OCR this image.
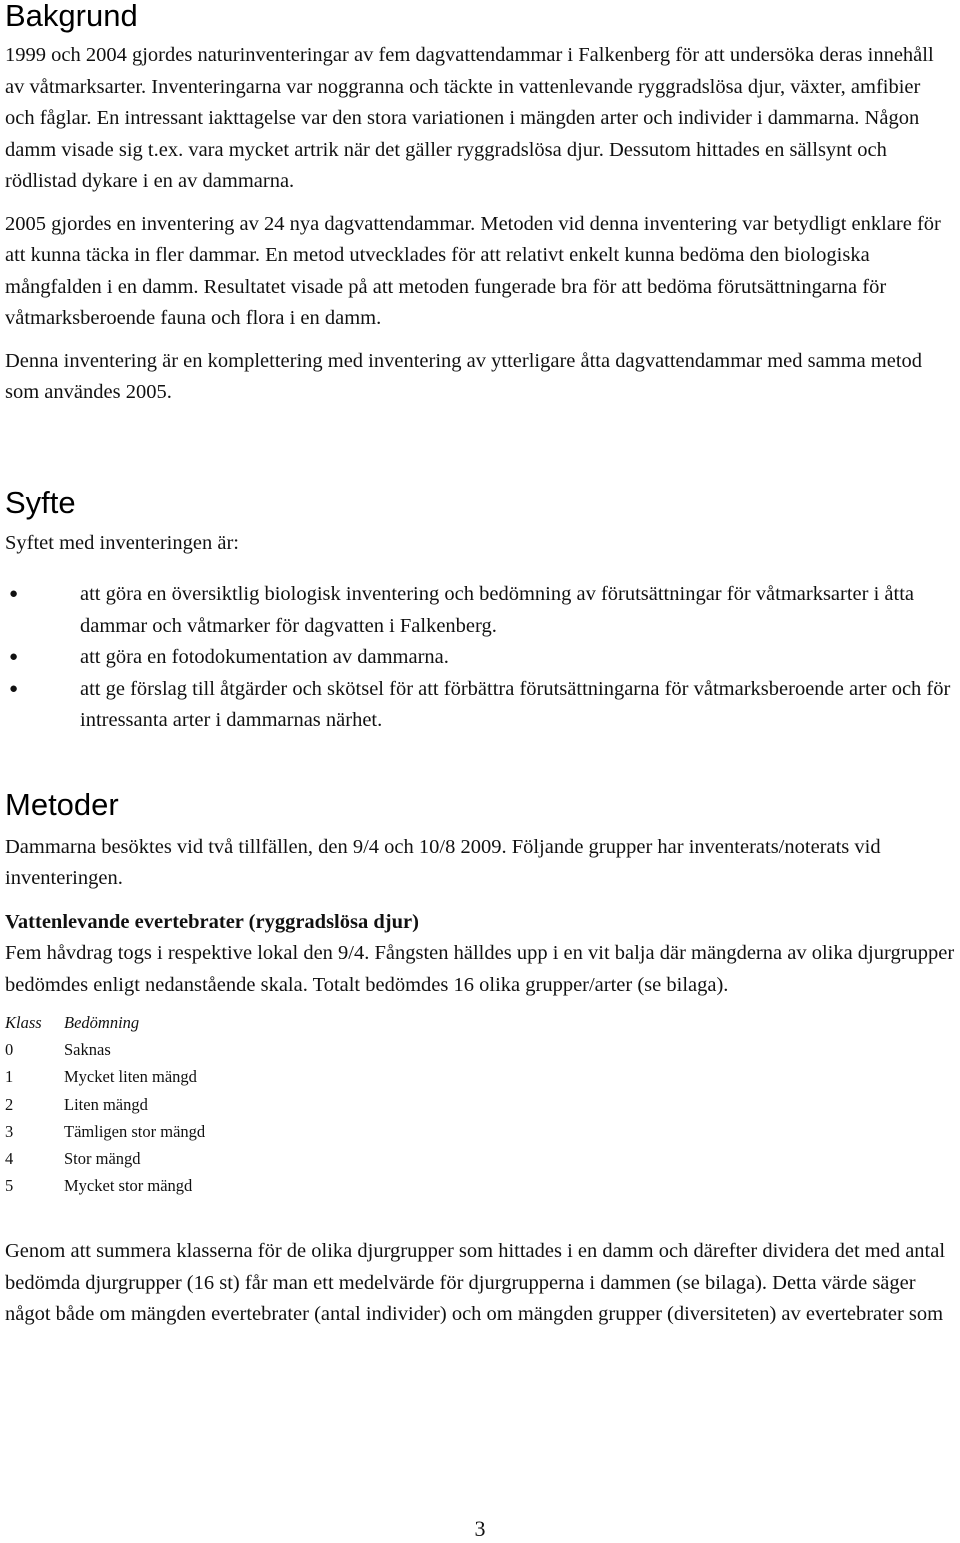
Bakgrund

1999 och 2004 gjordes naturinventeringar av fem dagvattendammar i Falkenberg för att undersöka deras innehåll av våtmarksarter. Inventeringarna var noggranna och täckte in vattenlevande ryggradslösa djur, växter, amfibier och fåglar. En intressant iakttagelse var den stora variationen i mängden arter och individer i dammarna. Någon damm visade sig t.ex. vara mycket artrik när det gäller ryggradslösa djur. Dessutom hittades en sällsynt och rödlistad dykare i en av dammarna.

2005 gjordes en inventering av 24 nya dagvattendammar. Metoden vid denna inventering var betydligt enklare för att kunna täcka in fler dammar. En metod utvecklades för att relativt enkelt kunna bedöma den biologiska mångfalden i en damm. Resultatet visade på att metoden fungerade bra för att bedöma förutsättningarna för våtmarksberoende fauna och flora i en damm.

Denna inventering är en komplettering med inventering av ytterligare åtta dagvattendammar med samma metod som användes 2005.

Syfte

Syftet med inventeringen är:

●	att göra en översiktlig biologisk inventering och bedömning av förutsättningar för våtmarksarter i åtta dammar och våtmarker för dagvatten i Falkenberg.
●	att göra en fotodokumentation av dammarna.
●	att ge förslag till åtgärder och skötsel för att förbättra förutsättningarna för våtmarksberoende arter och för intressanta arter i dammarnas närhet.
Metoder

Dammarna besöktes vid två tillfällen, den 9/4 och 10/8 2009. Följande grupper har inventerats/noterats vid inventeringen.

Vattenlevande evertebrater (ryggradslösa djur)

Fem håvdrag togs i respektive lokal den 9/4. Fångsten hälldes upp i en vit balja där mängderna av olika djurgrupper bedömdes enligt nedanstående skala. Totalt bedömdes 16 olika grupper/arter (se bilaga).

Klass	Bedömning
0	Saknas
1	Mycket liten mängd
2	Liten mängd
3	Tämligen stor mängd
4	Stor mängd
5	Mycket stor mängd

Genom att summera klasserna för de olika djurgrupper som hittades i en damm och därefter dividera det med antal bedömda djurgrupper (16 st) får man ett medelvärde för djurgrupperna i dammen (se bilaga). Detta värde säger något både om mängden evertebrater (antal individer) och om mängden grupper (diversiteten) av evertebrater som

3
